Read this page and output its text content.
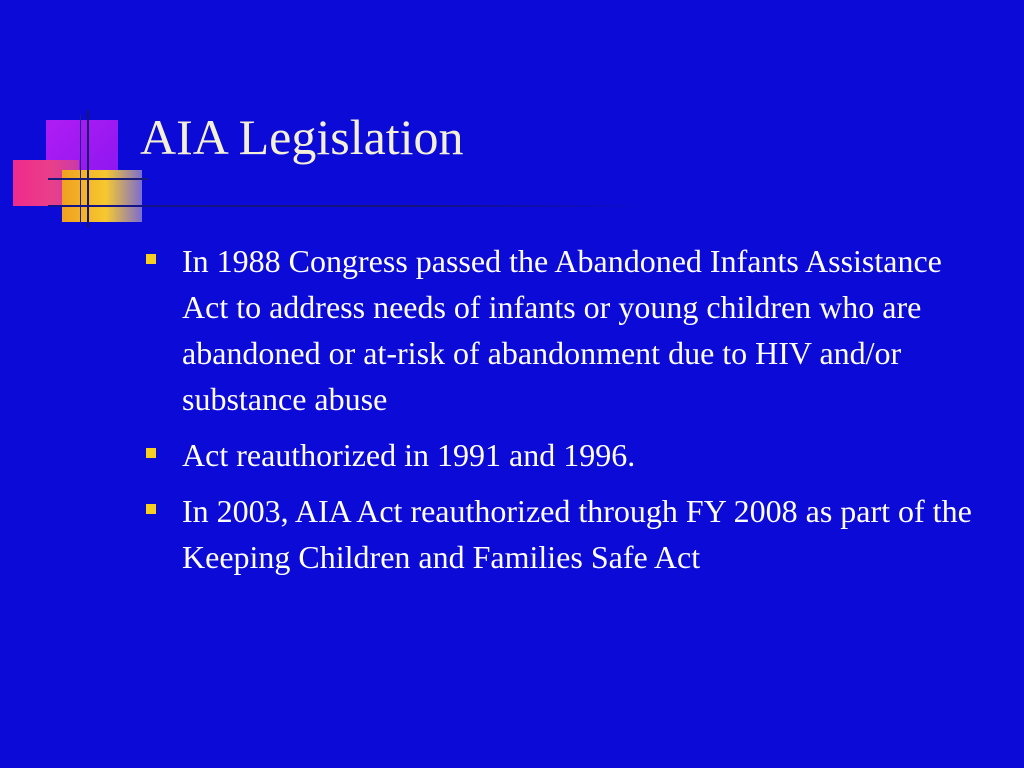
AIA Legislation
In 1988 Congress passed the Abandoned Infants Assistance Act to address needs of infants or young children who are abandoned or at-risk of abandonment due to HIV and/or substance abuse
Act reauthorized in 1991 and 1996.
In 2003, AIA Act reauthorized through FY 2008 as part of the Keeping Children and Families Safe Act
